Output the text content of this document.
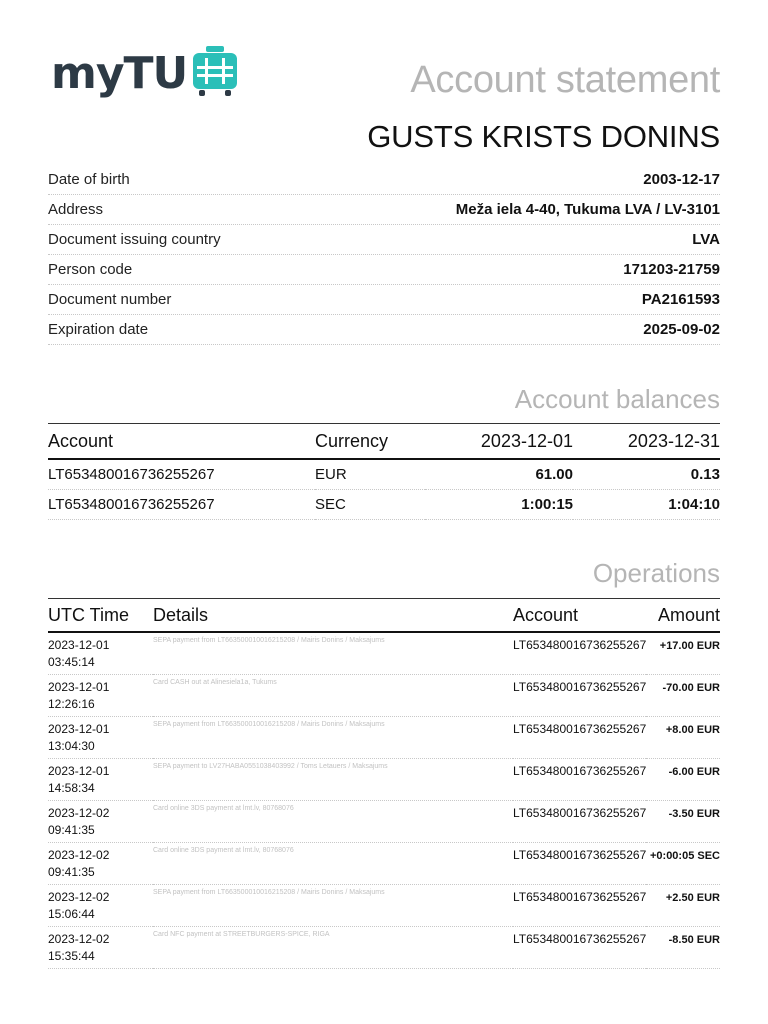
myTU	Account statement
GUSTS KRISTS DONINS
Date of birth	2003-12-17
Address	Meža iela 4-40, Tukuma LVA / LV-3101
Document issuing country	LVA
Person code	171203-21759
Document number	PA2161593
Expiration date	2025-09-02
Account balances
Account	Currency	2023-12-01	2023-12-31
LT653480016736255267	EUR	61.00	0.13
LT653480016736255267	SEC	1:00:15	1:04:10
Operations
UTC Time	Details	Account	Amount

2023-12-01
03:45:14	SEPA payment from LT663500010016215208 / Mairis Donins / Maksajums	LT653480016736255267	+17.00 EUR

2023-12-01
12:26:16	Card CASH out at Alinesiela1a, Tukums	LT653480016736255267	-70.00 EUR

2023-12-01
13:04:30	SEPA payment from LT663500010016215208 / Mairis Donins / Maksajums	LT653480016736255267	+8.00 EUR

2023-12-01
14:58:34	SEPA payment to LV27HABA0551038403992 / Toms Letauers / Maksajums	LT653480016736255267	-6.00 EUR

2023-12-02
09:41:35	Card online 3DS payment at lmt.lv, 80768076	LT653480016736255267	-3.50 EUR

2023-12-02
09:41:35	Card online 3DS payment at lmt.lv, 80768076	LT653480016736255267	+0:00:05 SEC

2023-12-02
15:06:44	SEPA payment from LT663500010016215208 / Mairis Donins / Maksajums	LT653480016736255267	+2.50 EUR

2023-12-02
15:35:44	Card NFC payment at STREETBURGERS-SPICE, RIGA	LT653480016736255267	-8.50 EUR
